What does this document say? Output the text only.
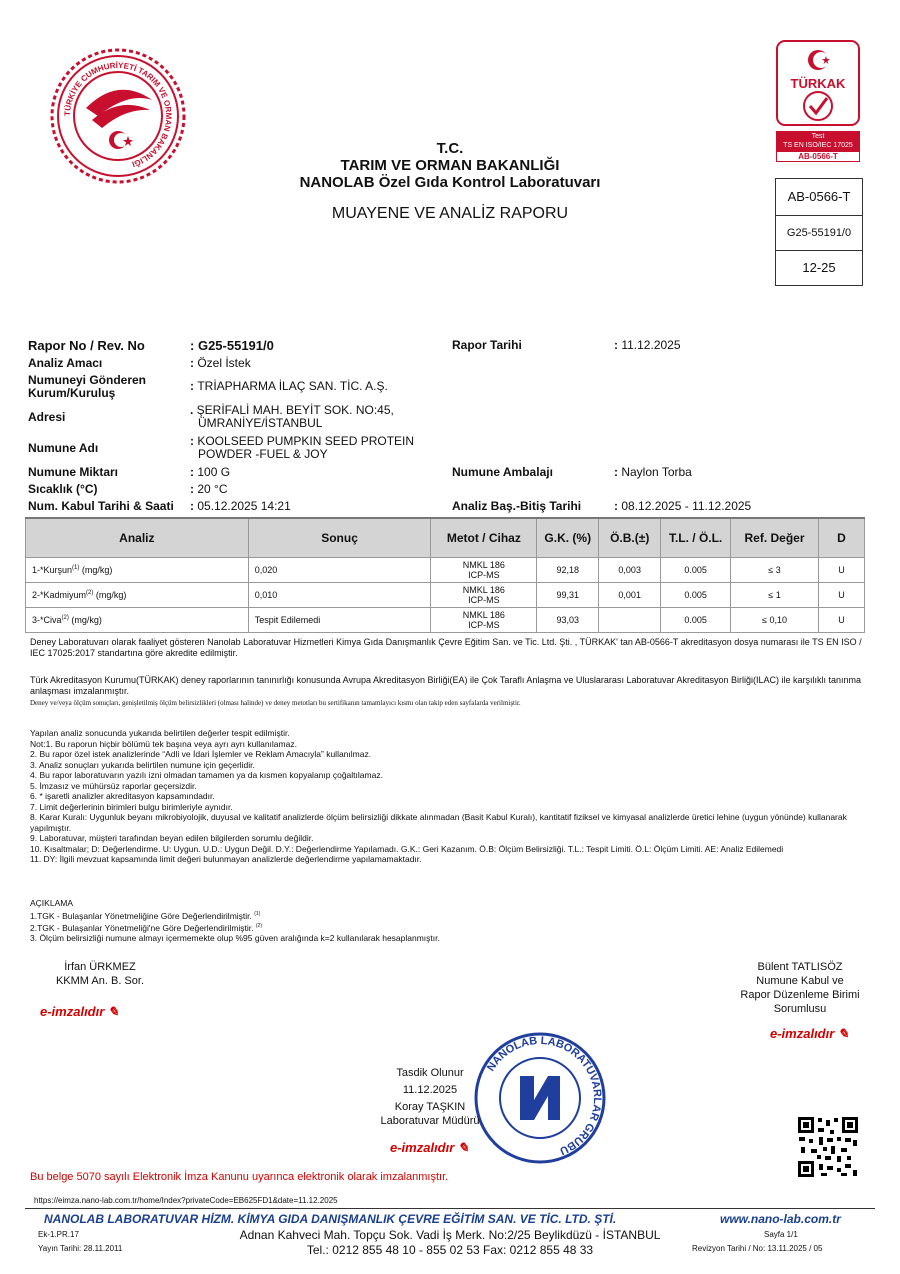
TÜRKİYE CUMHURİYETİ TARIM VE ORMAN BAKANLIĞI
T.C.
TARIM VE ORMAN BAKANLIĞI
NANOLAB Özel Gıda Kontrol Laboratuvarı
MUAYENE VE ANALİZ RAPORU
TÜRKAK
Test
TS EN ISO/IEC 17025
AB-0566-T
AB-0566-T
G25-55191/0
12-25
Rapor No / Rev. No	: G25-55191/0	Rapor Tarihi	: 11.12.2025
Analiz Amacı	: Özel İstek
Numuneyi Gönderen Kurum/Kuruluş	: TRİAPHARMA İLAÇ SAN. TİC. A.Ş.
Adresi	. ŞERİFALİ MAH. BEYİT SOK. NO:45,
ÜMRANİYE/İSTANBUL
Numune Adı	: KOOLSEED PUMPKIN SEED PROTEIN
POWDER -FUEL & JOY
Numune Miktarı	: 100 G	Numune Ambalajı	: Naylon Torba
Sıcaklık (°C)	: 20 °C
Num. Kabul Tarihi & Saati : 05.12.2025 14:21	Analiz Baş.-Bitiş Tarihi	: 08.12.2025 - 11.12.2025
Analiz	Sonuç	Metot / Cihaz	G.K. (%)	Ö.B.(±)	T.L. / Ö.L.	Ref. Değer	D
1-*Kurşun$^{(1)}$ (mg/kg)	0,020	NMKL 186
ICP-MS	92,18	0,003	0.005	≤ 3	U
2-*Kadmiyum$^{(2)}$ (mg/kg)	0,010	NMKL 186
ICP-MS	99,31	0,001	0.005	≤ 1	U
3-*Civa$^{(2)}$ (mg/kg)	Tespit Edilemedi	NMKL 186
ICP-MS	93,03		0.005	≤ 0,10	U
Deney Laboratuvarı olarak faaliyet gösteren Nanolab Laboratuvar Hizmetleri Kimya Gıda Danışmanlık Çevre Eğitim San. ve Tic. Ltd. Şti. , TÜRKAK' tan AB-0566-T akreditasyon dosya numarası ile TS EN ISO / IEC 17025:2017 standartına göre akredite edilmiştir.
Türk Akreditasyon Kurumu(TÜRKAK) deney raporlarının tanınırlığı konusunda Avrupa Akreditasyon Birliği(EA) ile Çok Taraflı Anlaşma ve Uluslararası Laboratuvar Akreditasyon Birliği(ILAC) ile karşılıklı tanınma anlaşması imzalanmıştır.
Deney ve/veya ölçüm sonuçları, genişletilmiş ölçüm belirsizlikleri (olması halinde) ve deney metotları bu sertifikanın tamamlayıcı kısmı olan takip eden sayfalarda verilmiştir.
Yapılan analiz sonucunda yukarıda belirtilen değerler tespit edilmiştir.
Not:1. Bu raporun hiçbir bölümü tek başına veya ayrı ayrı kullanılamaz.
2. Bu rapor özel istek analizlerinde “Adli ve İdari İşlemler ve Reklam Amacıyla” kullanılmaz.
3. Analiz sonuçları yukarıda belirtilen numune için geçerlidir.
4. Bu rapor laboratuvarın yazılı izni olmadan tamamen ya da kısmen kopyalanıp çoğaltılamaz.
5. İmzasız ve mühürsüz raporlar geçersizdir.
6. * işaretli analizler akreditasyon kapsamındadır.
7. Limit değerlerinin birimleri bulgu birimleriyle aynıdır.
8. Karar Kuralı: Uygunluk beyanı mikrobiyolojik, duyusal ve kalitatif analizlerde ölçüm belirsizliği dikkate alınmadan (Basit Kabul Kuralı), kantitatif fiziksel ve kimyasal analizlerde üretici lehine (uygun yönünde) kullanarak yapılmıştır.
9. Laboratuvar, müşteri tarafından beyan edilen bilgilerden sorumlu değildir.
10. Kısaltmalar; D: Değerlendirme. U: Uygun. U.D.: Uygun Değil. D.Y.: Değerlendirme Yapılamadı. G.K.: Geri Kazanım. Ö.B: Ölçüm Belirsizliği. T.L.: Tespit Limiti. Ö.L: Ölçüm Limiti. AE: Analiz Edilemedi
11. DY: İlgili mevzuat kapsamında limit değeri bulunmayan analizlerde değerlendirme yapılamamaktadır.
AÇIKLAMA
1.TGK - Bulaşanlar Yönetmeliğine Göre Değerlendirilmiştir. $^{(1)}$
2.TGK - Bulaşanlar Yönetmeliği'ne Göre Değerlendirilmiştir. $^{(2)}$
3. Ölçüm belirsizliği numune almayı içermemekte olup %95 güven aralığında k=2 kullanılarak hesaplanmıştır.
İrfan ÜRKMEZ
KKMM An. B. Sor.
e-imzalıdır ✎
Bülent TATLISÖZ
Numune Kabul ve
Rapor Düzenleme Birimi
Sorumlusu
e-imzalıdır ✎
NANOLAB LABORATUVARLAR GRUBU
Tasdik Olunur
11.12.2025
Koray TAŞKIN
Laboratuvar Müdürü
e-imzalıdır ✎
Bu belge 5070 sayılı Elektronik İmza Kanunu uyarınca elektronik olarak imzalanmıştır.
https://eimza.nano-lab.com.tr/home/Index?privateCode=EB625FD1&date=11.12.2025
NANOLAB LABORATUVAR HİZM. KİMYA GIDA DANIŞMANLIK ÇEVRE EĞİTİM SAN. VE TİC. LTD. ŞTİ.	www.nano-lab.com.tr
Ek-1.PR.17
Yayın Tarihi: 28.11.2011
Adnan Kahveci Mah. Topçu Sok. Vadi İş Merk. No:2/25 Beylikdüzü - İSTANBUL
Tel.: 0212 855 48 10 - 855 02 53 Fax: 0212 855 48 33
Sayfa 1/1
Revizyon Tarihi / No: 13.11.2025 / 05
